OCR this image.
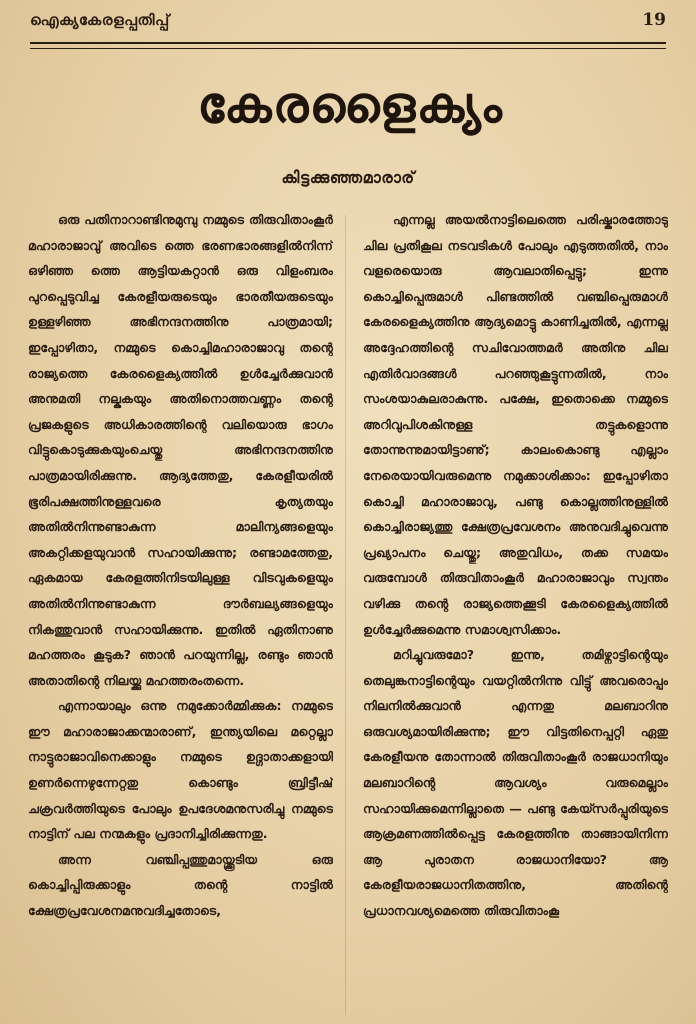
ഐക്യകേരളപ്പതിപ്പ്	19
കേരളൈക്യം
കിട്ടക്കുഞ്ഞമാരാര്

ഒരു പതിനാറാണ്ടിനുമുമ്പു നമ്മുടെ തിരുവിതാംകൂർ മഹാരാജാവു് അവിടെ ത്തെ ഭരണഭാരങ്ങളിൽനിന്ന് ഒഴിഞ്ഞ ത്തെ ആട്ടിയകറ്റാൻ ഒരു വിളംബരം പുറപ്പെടുവിച്ച കേരളീയരുടെയും ഭാരതീയരുടെയും ഉള്ളഴിഞ്ഞ അഭിനന്ദനത്തിനു പാത്രമായി; ഇപ്പോഴിതാ, നമ്മുടെ കൊച്ചിമഹാരാജാവു തന്റെ രാജ്യത്തെ കേരളൈക്യത്തിൽ ഉൾച്ചേർക്കുവാൻ അനുമതി നല്കുകയും അതിനൊത്തവണ്ണം തന്റെ പ്രജകളുടെ അധികാരത്തിന്റെ വലിയൊരു ഭാഗം വിട്ടുകൊടുക്കുകയുംചെയ്തു അഭിനന്ദനത്തിനു പാത്രമായിരിക്കുന്നു. ആദ്യത്തേതു, കേരളീയരിൽ ഭൂരിപക്ഷത്തിനുള്ളവരെ കൃത്യതയും അതിൽനിന്നുണ്ടാകുന്ന മാലിന്യങ്ങളെയും അകറ്റിക്കളയുവാൻ സഹായിക്കുന്നു; രണ്ടാമത്തേതു, ഏകമായ കേരളത്തിനിടയിലുള്ള വിടവുകളെയും അതിൽനിന്നുണ്ടാകുന്ന ദൗർബല്യങ്ങളെയും നികത്തുവാൻ സഹായിക്കുന്നു. ഇതിൽ ഏതിനാണു മഹത്തരം കൂടുക? ഞാൻ പറയുന്നില്ല, രണ്ടും ഞാൻ അതാതിന്റെ നിലയ്ക്കു മഹത്തരംതന്നെ.

എന്നായാലും ഒന്നു നമുക്കോർമ്മിക്കുക: നമ്മുടെ ഈ മഹാരാജാക്കന്മാരാണ്, ഇന്ത്യയിലെ മറ്റെല്ലാ നാട്ടുരാജാവിനെക്കാളും നമ്മുടെ ഉദ്ഗാതാക്കളായി ഉണർന്നെഴുന്നേറ്റതു കൊണ്ടും ബ്രിട്ടീഷ് ചക്രവർത്തിയുടെ പോലും ഉപദേശമനുസരിച്ചു നമ്മുടെ നാട്ടിന് പല നന്മകളും പ്രദാനിച്ചിരിക്കുന്നതു.

അന്ന വഞ്ചിപ്പത്തുമായ്ക്കൂടിയ ഒരു കൊച്ചിപ്പിരുക്കാളും തന്റെ നാട്ടിൽ ക്ഷേത്രപ്രവേശനമനുവദിച്ചതോടെ,

എന്നല്ല അയൽനാട്ടിലെത്തെ പരിഷ്കാരത്തോടു ചില പ്രതികൂല നടവടികൾ പോലും എടുത്തതിൽ, നാം വളരെയൊരു ആവലാതിപ്പെട്ടു; ഇന്നു കൊച്ചിപ്പെരുമാൾ പിണ്ടത്തിൽ വഞ്ചിപ്പെരുമാൾ കേരളൈക്യത്തിനു ആദ്യമൊട്ടു കാണിച്ചതിൽ, എന്നല്ല അദ്ദേഹത്തിന്റെ സചിവോത്തമർ അതിനു ചില എതിർവാദങ്ങൾ പറഞ്ഞുകൂട്ടുന്നതിൽ, നാം സംശയാകുലരാകുന്നു. പക്ഷേ, ഇതൊക്കെ നമ്മുടെ അറിവുപിശകിനുള്ള തട്ടുകളൊന്നു തോന്നുന്നുമായിട്ടാണു്; കാലംകൊണ്ടു എല്ലാം നേരെയായിവരുമെന്നു നമുക്കാശിക്കാം: ഇപ്പോഴിതാ കൊച്ചി മഹാരാജാവു, പണ്ടു കൊല്ലത്തിനുള്ളിൽ കൊച്ചിരാജ്യത്തു ക്ഷേത്രപ്രവേശനം അനുവദിച്ചുവെന്നു പ്രഖ്യാപനം ചെയ്തു; അതുവിധം, തക്ക സമയം വരുമ്പോൾ തിരുവിതാംകൂർ മഹാരാജാവും സ്വന്തം വഴിക്കു തന്റെ രാജ്യത്തെക്കൂടി കേരളൈക്യത്തിൽ ഉൾച്ചേർക്കുമെന്നു സമാശ്വസിക്കാം.

മറിച്ചുവരുമോ? ഇന്നു, തമിഴ്നാട്ടിന്റെയും തെലുങ്കനാട്ടിന്റെയും വയറ്റിൽനിന്നു വിട്ടു് അവരൊപ്പം നിലനിൽക്കുവാൻ എന്നതു മലബാറിനു ഒരുവശ്യമായിരിക്കുന്നു; ഈ വിട്ടതിനെപ്പറ്റി ഏതു കേരളീയനു തോന്നാൽ തിരുവിതാംകൂർ രാജധാനിയും മലബാറിന്റെ ആവശ്യം വരുമെല്ലാം സഹായിക്കുമെന്നില്ലാതെ — പണ്ടു കേയ്സർപ്പുരിയുടെ ആക്രമണത്തിൽപ്പെട്ട കേരളത്തിനു താങ്ങായിനിന്ന ആ പുരാതന രാജധാനിയോ? ആ കേരളീയരാജധാനിതത്തിനു, അതിന്റെ പ്രധാനവശ്യമെത്തെ തിരുവിതാംകൂ
